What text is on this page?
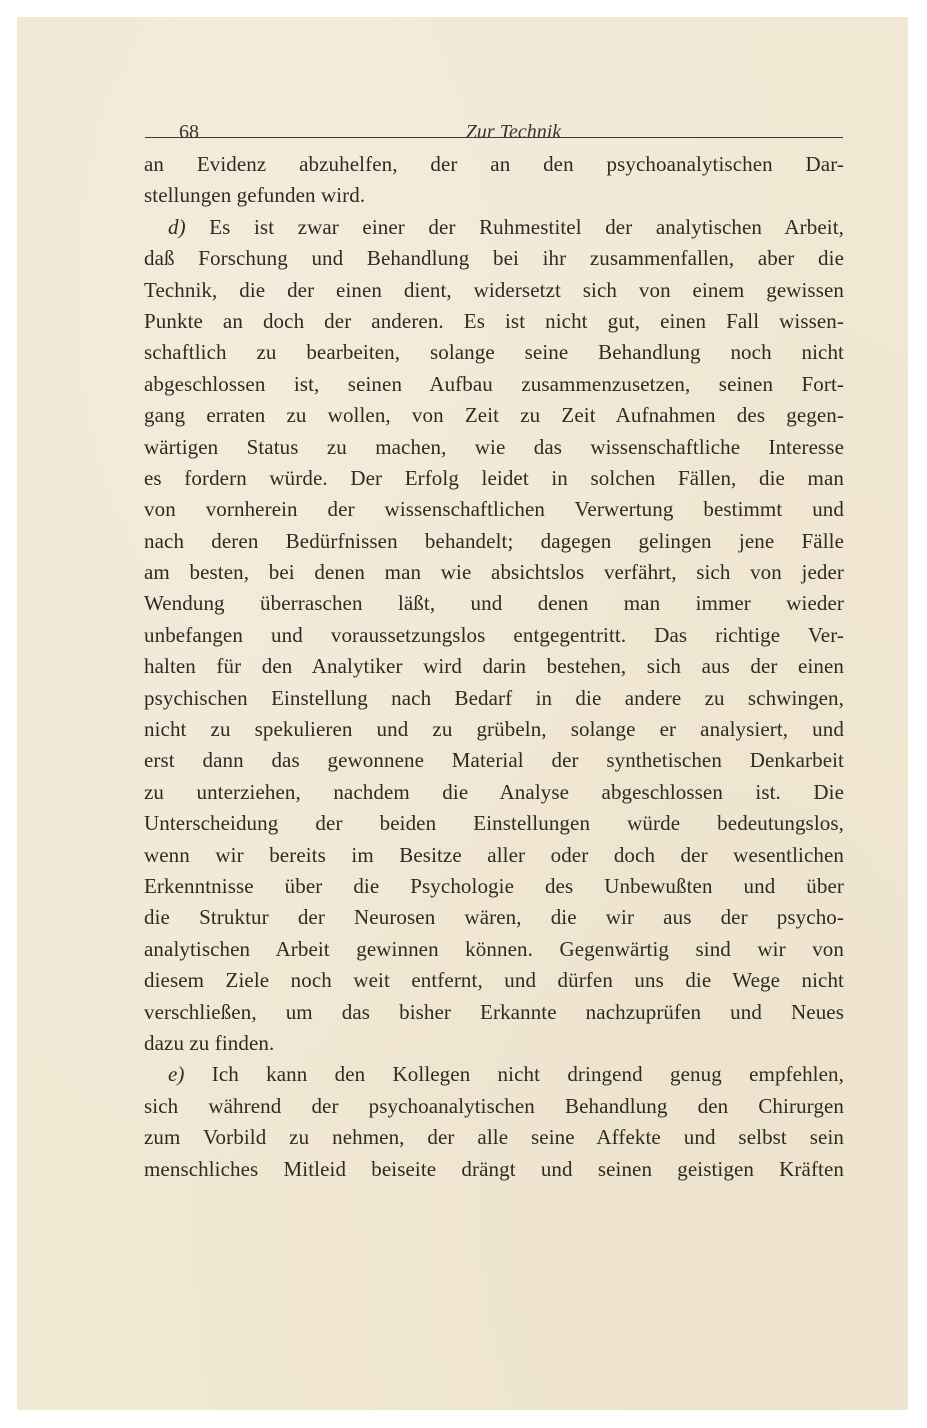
68	Zur Technik
an Evidenz abzuhelfen, der an den psychoanalytischen Dar-
stellungen gefunden wird.
d) Es ist zwar einer der Ruhmestitel der analytischen Arbeit,
daß Forschung und Behandlung bei ihr zusammenfallen, aber die
Technik, die der einen dient, widersetzt sich von einem gewissen
Punkte an doch der anderen. Es ist nicht gut, einen Fall wissen-
schaftlich zu bearbeiten, solange seine Behandlung noch nicht
abgeschlossen ist, seinen Aufbau zusammenzusetzen, seinen Fort-
gang erraten zu wollen, von Zeit zu Zeit Aufnahmen des gegen-
wärtigen Status zu machen, wie das wissenschaftliche Interesse
es fordern würde. Der Erfolg leidet in solchen Fällen, die man
von vornherein der wissenschaftlichen Verwertung bestimmt und
nach deren Bedürfnissen behandelt; dagegen gelingen jene Fälle
am besten, bei denen man wie absichtslos verfährt, sich von jeder
Wendung überraschen läßt, und denen man immer wieder
unbefangen und voraussetzungslos entgegentritt. Das richtige Ver-
halten für den Analytiker wird darin bestehen, sich aus der einen
psychischen Einstellung nach Bedarf in die andere zu schwingen,
nicht zu spekulieren und zu grübeln, solange er analysiert, und
erst dann das gewonnene Material der synthetischen Denkarbeit
zu unterziehen, nachdem die Analyse abgeschlossen ist. Die
Unterscheidung der beiden Einstellungen würde bedeutungslos,
wenn wir bereits im Besitze aller oder doch der wesentlichen
Erkenntnisse über die Psychologie des Unbewußten und über
die Struktur der Neurosen wären, die wir aus der psycho-
analytischen Arbeit gewinnen können. Gegenwärtig sind wir von
diesem Ziele noch weit entfernt, und dürfen uns die Wege nicht
verschließen, um das bisher Erkannte nachzuprüfen und Neues
dazu zu finden.
e) Ich kann den Kollegen nicht dringend genug empfehlen,
sich während der psychoanalytischen Behandlung den Chirurgen
zum Vorbild zu nehmen, der alle seine Affekte und selbst sein
menschliches Mitleid beiseite drängt und seinen geistigen Kräften
